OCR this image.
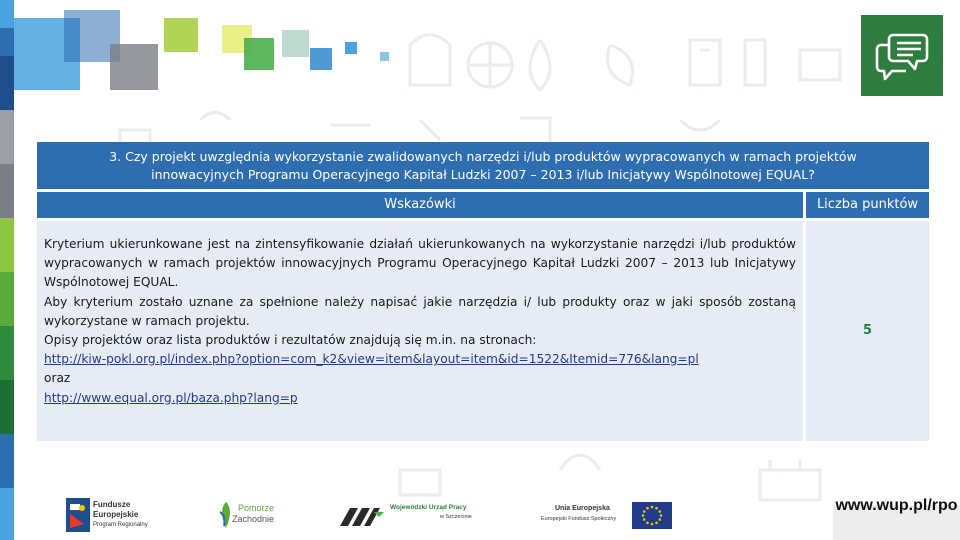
3. Czy projekt uwzględnia wykorzystanie zwalidowanych narzędzi i/lub produktów wypracowanych w ramach projektów innowacyjnych Programu Operacyjnego Kapitał Ludzki 2007 – 2013 i/lub Inicjatywy Wspólnotowej EQUAL?
Wskazówki	Liczba punktów

Kryterium ukierunkowane jest na zintensyfikowanie działań ukierunkowanych na wykorzystanie narzędzi i/lub produktów wypracowanych w ramach projektów innowacyjnych Programu Operacyjnego Kapitał Ludzki 2007 – 2013 lub Inicjatywy Wspólnotowej EQUAL.

Aby kryterium zostało uznane za spełnione należy napisać jakie narzędzia i/ lub produkty oraz w jaki sposób zostaną wykorzystane w ramach projektu.

Opisy projektów oraz lista produktów i rezultatów znajdują się m.in. na stronach:

http://kiw-pokl.org.pl/index.php?option=com_k2&view=item&layout=item&id=1522&Itemid=776&lang=pl

oraz

http://www.equal.org.pl/baza.php?lang=p

5
Fundusze
Europejskie
Program Regionalny
Pomorze
Zachodnie
Wojewódzki Urząd Pracy
w Szczecinie
Unia Europejska
Europejski Fundusz Społeczny
www.wup.pl/rpo
